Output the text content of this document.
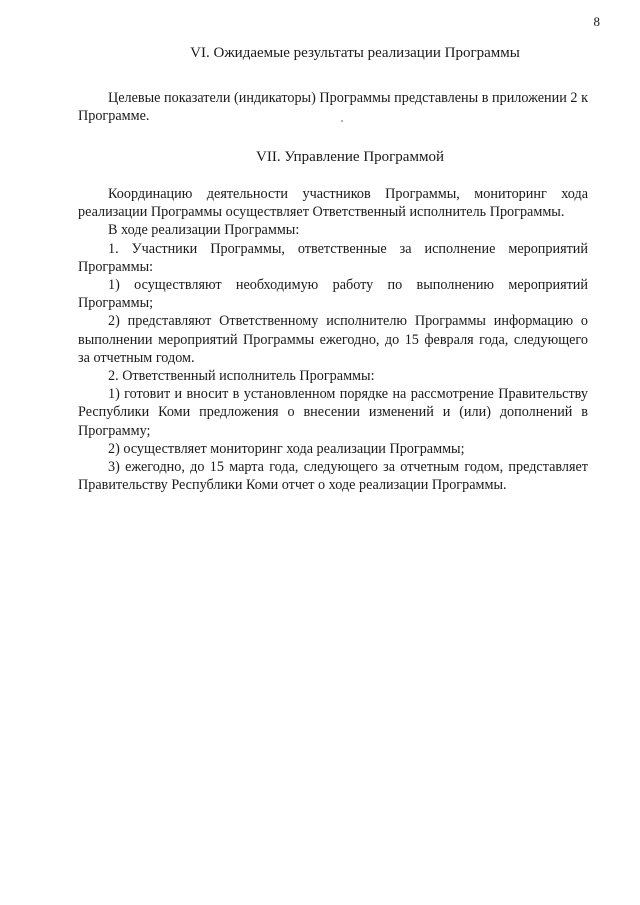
8
VI. Ожидаемые результаты реализации Программы

Целевые показатели (индикаторы) Программы представлены в приложении 2 к Программе.

VII. Управление Программой

Координацию деятельности участников Программы, мониторинг хода реализации Программы осуществляет Ответственный исполнитель Программы.

В ходе реализации Программы:

1. Участники Программы, ответственные за исполнение мероприятий Программы:

1) осуществляют необходимую работу по выполнению мероприятий Программы;

2) представляют Ответственному исполнителю Программы информацию о выполнении мероприятий Программы ежегодно, до 15 февраля года, следующего за отчетным годом.

2. Ответственный исполнитель Программы:

1) готовит и вносит в установленном порядке на рассмотрение Правительству Республики Коми предложения о внесении изменений и (или) дополнений в Программу;

2) осуществляет мониторинг хода реализации Программы;

3) ежегодно, до 15 марта года, следующего за отчетным годом, представляет Правительству Республики Коми отчет о ходе реализации Программы.
